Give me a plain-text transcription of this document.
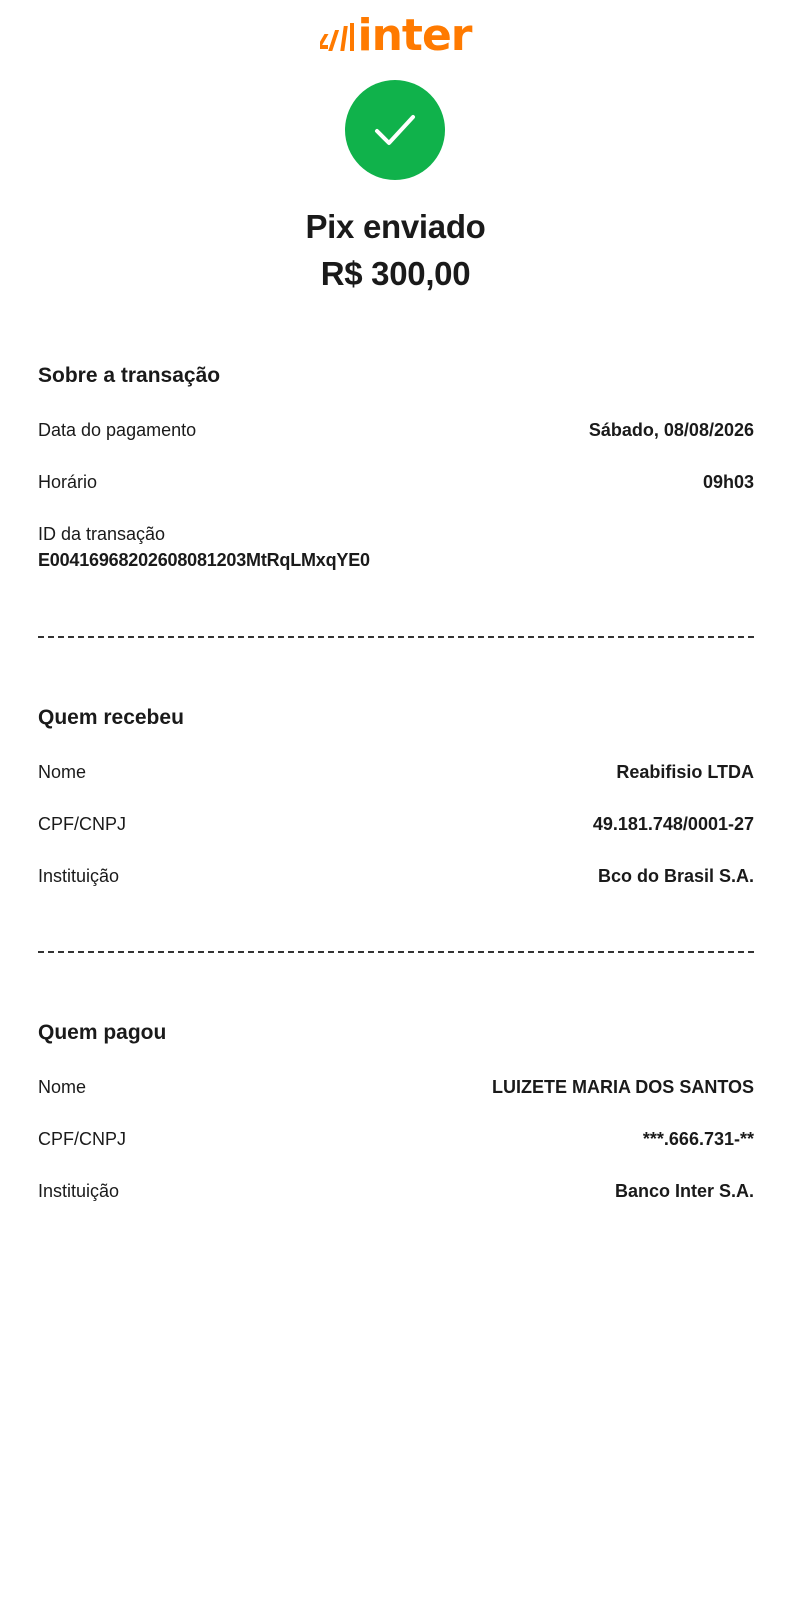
inter
Pix enviado
R$ 300,00
Sobre a transação
Data do pagamento	Sábado, 08/08/2026
Horário	09h03
ID da transação
E00416968202608081203MtRqLMxqYE0
Quem recebeu
Nome	Reabifisio LTDA
CPF/CNPJ	49.181.748/0001-27
Instituição	Bco do Brasil S.A.
Quem pagou
Nome	LUIZETE MARIA DOS SANTOS
CPF/CNPJ	***.666.731-**
Instituição	Banco Inter S.A.
